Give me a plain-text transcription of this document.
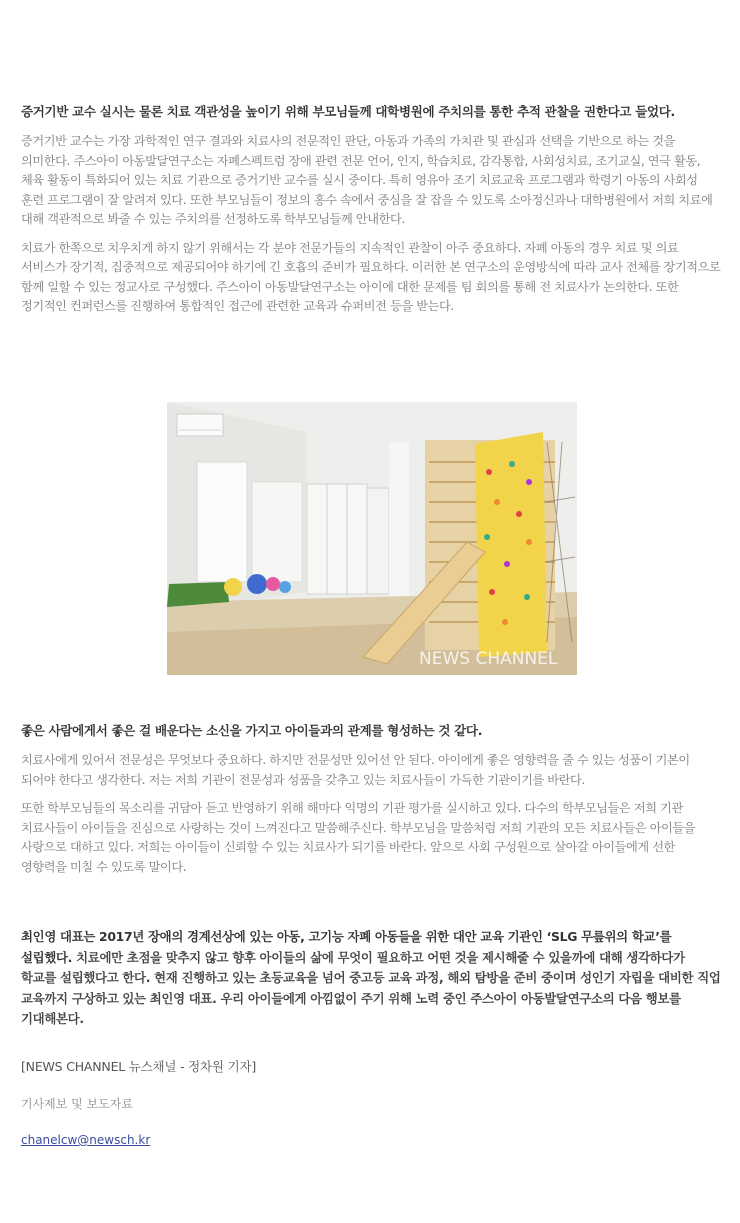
증거기반 교수 실시는 물론 치료 객관성을 높이기 위해 부모님들께 대학병원에 주치의를 통한 추적 관찰을 권한다고 들었다.

증거기반 교수는 가장 과학적인 연구 결과와 치료사의 전문적인 판단, 아동과 가족의 가치관 및 관심과 선택을 기반으로 하는 것을 의미한다. 주스아이 아동발달연구소는 자폐스펙트럼 장애 관련 전문 언어, 인지, 학습치료, 감각통합, 사회성치료, 조기교실, 연극 활동, 체육 활동이 특화되어 있는 치료 기관으로 증거기반 교수를 실시 중이다. 특히 영유아 조기 치료교육 프로그램과 학령기 아동의 사회성 훈련 프로그램이 잘 알려져 있다. 또한 부모님들이 정보의 홍수 속에서 중심을 잘 잡을 수 있도록 소아정신과나 대학병원에서 저희 치료에 대해 객관적으로 봐줄 수 있는 주치의를 선정하도록 학부모님들께 안내한다.

치료가 한쪽으로 치우치게 하지 않기 위해서는 각 분야 전문가들의 지속적인 관찰이 아주 중요하다. 자폐 아동의 경우 치료 및 의료 서비스가 장기적, 집중적으로 제공되어야 하기에 긴 호흡의 준비가 필요하다. 이러한 본 연구소의 운영방식에 따라 교사 전체를 장기적으로 함께 일할 수 있는 정교사로 구성했다. 주스아이 아동발달연구소는 아이에 대한 문제를 팀 회의를 통해 전 치료사가 논의한다. 또한 정기적인 컨퍼런스를 진행하여 통합적인 접근에 관련한 교육과 슈퍼비전 등을 받는다.

NEWS CHANNEL

좋은 사람에게서 좋은 걸 배운다는 소신을 가지고 아이들과의 관계를 형성하는 것 같다.

치료사에게 있어서 전문성은 무엇보다 중요하다. 하지만 전문성만 있어선 안 된다. 아이에게 좋은 영향력을 줄 수 있는 성품이 기본이 되어야 한다고 생각한다. 저는 저희 기관이 전문성과 성품을 갖추고 있는 치료사들이 가득한 기관이기를 바란다.

또한 학부모님들의 목소리를 귀담아 듣고 반영하기 위해 해마다 익명의 기관 평가를 실시하고 있다. 다수의 학부모님들은 저희 기관 치료사들이 아이들을 진심으로 사랑하는 것이 느껴진다고 말씀해주신다. 학부모님을 말씀처럼 저희 기관의 모든 치료사들은 아이들을 사랑으로 대하고 있다. 저희는 아이들이 신뢰할 수 있는 치료사가 되기를 바란다. 앞으로 사회 구성원으로 살아갈 아이들에게 선한 영향력을 미칠 수 있도록 말이다.

최인영 대표는 2017년 장애의 경계선상에 있는 아동, 고기능 자폐 아동들을 위한 대안 교육 기관인 ‘SLG 무릎위의 학교’를 설립했다. 치료에만 초점을 맞추지 않고 향후 아이들의 삶에 무엇이 필요하고 어떤 것을 제시해줄 수 있을까에 대해 생각하다가 학교를 설립했다고 한다. 현재 진행하고 있는 초등교육을 넘어 중고등 교육 과정, 해외 탐방을 준비 중이며 성인기 자립을 대비한 직업 교육까지 구상하고 있는 최인영 대표. 우리 아이들에게 아낌없이 주기 위해 노력 중인 주스아이 아동발달연구소의 다음 행보를 기대해본다.

[NEWS CHANNEL 뉴스채널 - 정차원 기자]

기사제보 및 보도자료

chanelcw@newsch.kr
